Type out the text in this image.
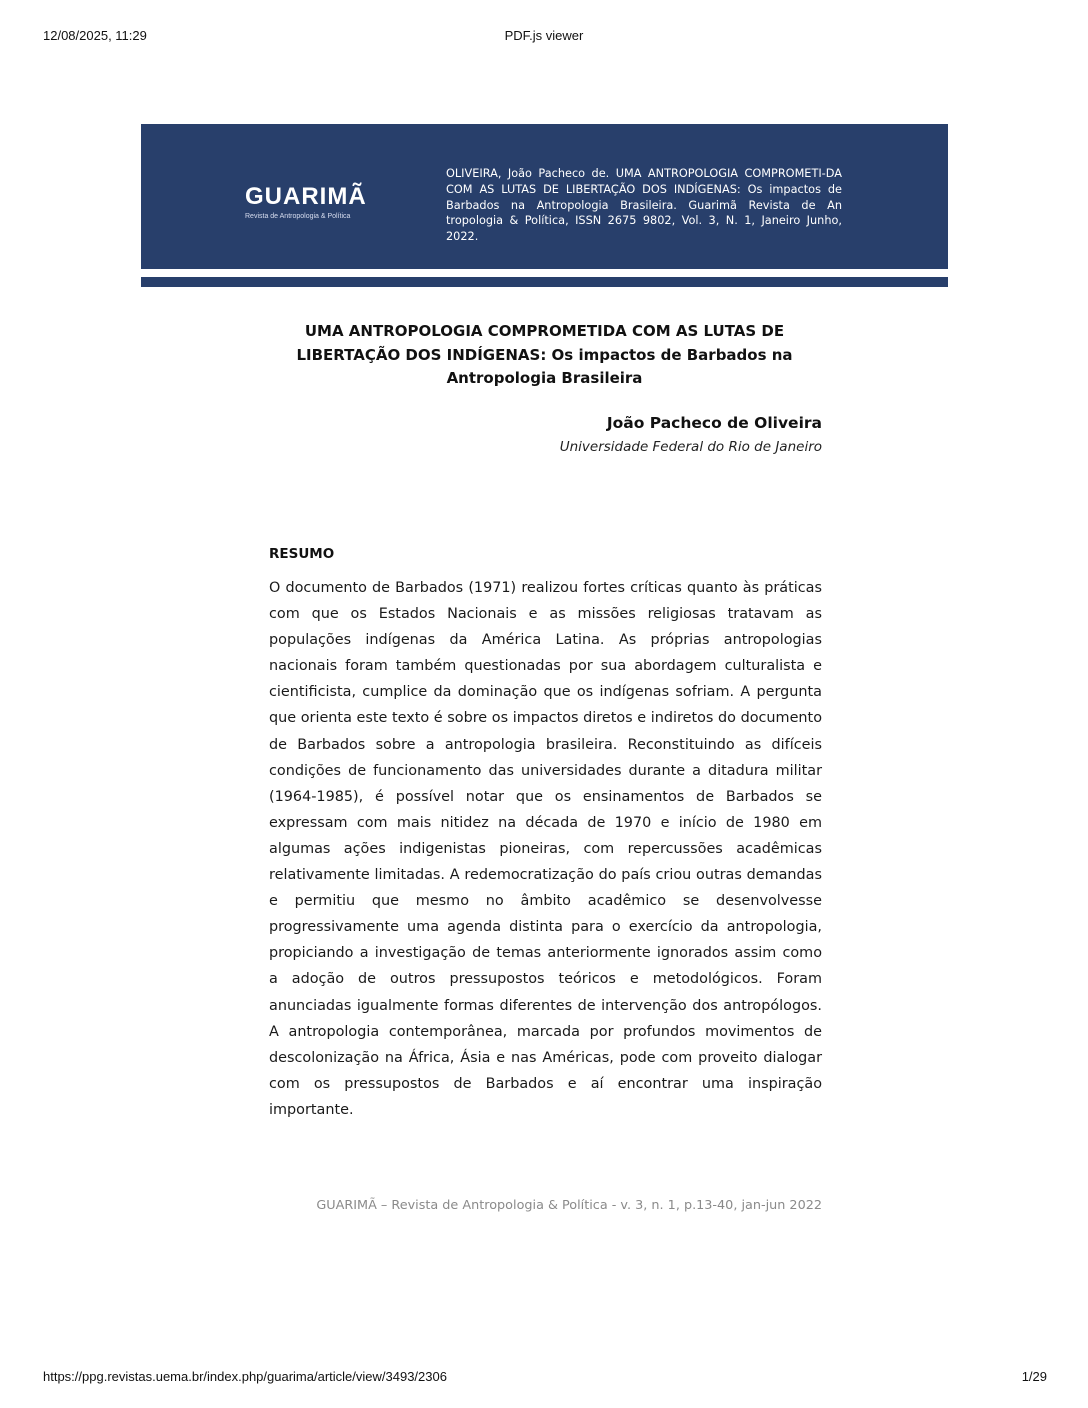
12/08/2025, 11:29	PDF.js viewer
GUARIMÃ
Revista de Antropologia & Política
OLIVEIRA, João Pacheco de. UMA ANTROPOLOGIA COMPROMETI-DA COM AS LUTAS DE LIBERTAÇÃO DOS INDÍGENAS: Os impactos de Barbados na Antropologia Brasileira. Guarimã Revista de An tropologia & Política, ISSN 2675 9802, Vol. 3, N. 1, Janeiro Junho, 2022.
UMA ANTROPOLOGIA COMPROMETIDA COM AS LUTAS DE LIBERTAÇÃO DOS INDÍGENAS: Os impactos de Barbados na Antropologia Brasileira
João Pacheco de Oliveira
Universidade Federal do Rio de Janeiro
RESUMO
O documento de Barbados (1971) realizou fortes críticas quanto às práticas com que os Estados Nacionais e as missões religiosas tratavam as populações indígenas da América Latina. As próprias antropologias nacionais foram também questionadas por sua abordagem culturalista e cientificista, cumplice da dominação que os indígenas sofriam. A pergunta que orienta este texto é sobre os impactos diretos e indiretos do documento de Barbados sobre a antropologia brasileira. Reconstituindo as difíceis condições de funcionamento das universidades durante a ditadura militar (1964-1985), é possível notar que os ensinamentos de Barbados se expressam com mais nitidez na década de 1970 e início de 1980 em algumas ações indigenistas pioneiras, com repercussões acadêmicas relativamente limitadas. A redemocratização do país criou outras demandas e permitiu que mesmo no âmbito acadêmico se desenvolvesse progressivamente uma agenda distinta para o exercício da antropologia, propiciando a investigação de temas anteriormente ignorados assim como a adoção de outros pressupostos teóricos e metodológicos. Foram anunciadas igualmente formas diferentes de intervenção dos antropólogos. A antropologia contemporânea, marcada por profundos movimentos de descolonização na África, Ásia e nas Américas, pode com proveito dialogar com os pressupostos de Barbados e aí encontrar uma inspiração importante.
GUARIMÃ – Revista de Antropologia & Política - v. 3, n. 1, p.13-40, jan-jun 2022
https://ppg.revistas.uema.br/index.php/guarima/article/view/3493/2306	1/29
